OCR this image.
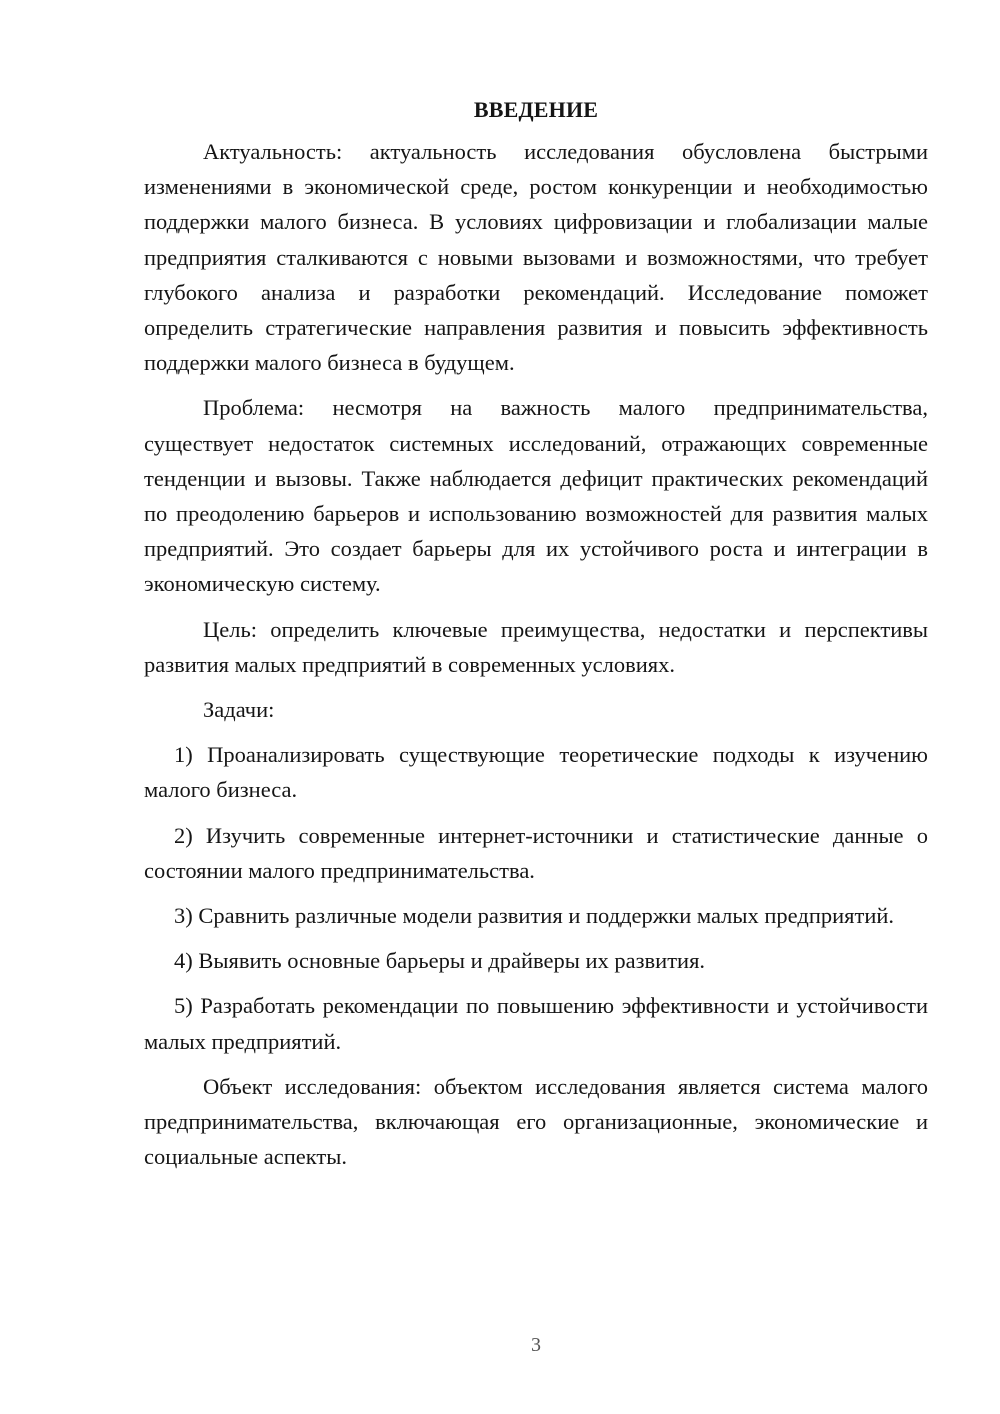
ВВЕДЕНИЕ

Актуальность: актуальность исследования обусловлена быстрыми изменениями в экономической среде, ростом конкуренции и необходимостью поддержки малого бизнеса. В условиях цифровизации и глобализации малые предприятия сталкиваются с новыми вызовами и возможностями, что требует глубокого анализа и разработки рекомендаций. Исследование поможет определить стратегические направления развития и повысить эффективность поддержки малого бизнеса в будущем.

Проблема: несмотря на важность малого предпринимательства, существует недостаток системных исследований, отражающих современные тенденции и вызовы. Также наблюдается дефицит практических рекомендаций по преодолению барьеров и использованию возможностей для развития малых предприятий. Это создает барьеры для их устойчивого роста и интеграции в экономическую систему.

Цель: определить ключевые преимущества, недостатки и перспективы развития малых предприятий в современных условиях.

Задачи:

1) Проанализировать существующие теоретические подходы к изучению малого бизнеса.

2) Изучить современные интернет-источники и статистические данные о состоянии малого предпринимательства.

3) Сравнить различные модели развития и поддержки малых предприятий.

4) Выявить основные барьеры и драйверы их развития.

5) Разработать рекомендации по повышению эффективности и устойчивости малых предприятий.

Объект исследования: объектом исследования является система малого предпринимательства, включающая его организационные, экономические и социальные аспекты.

3
